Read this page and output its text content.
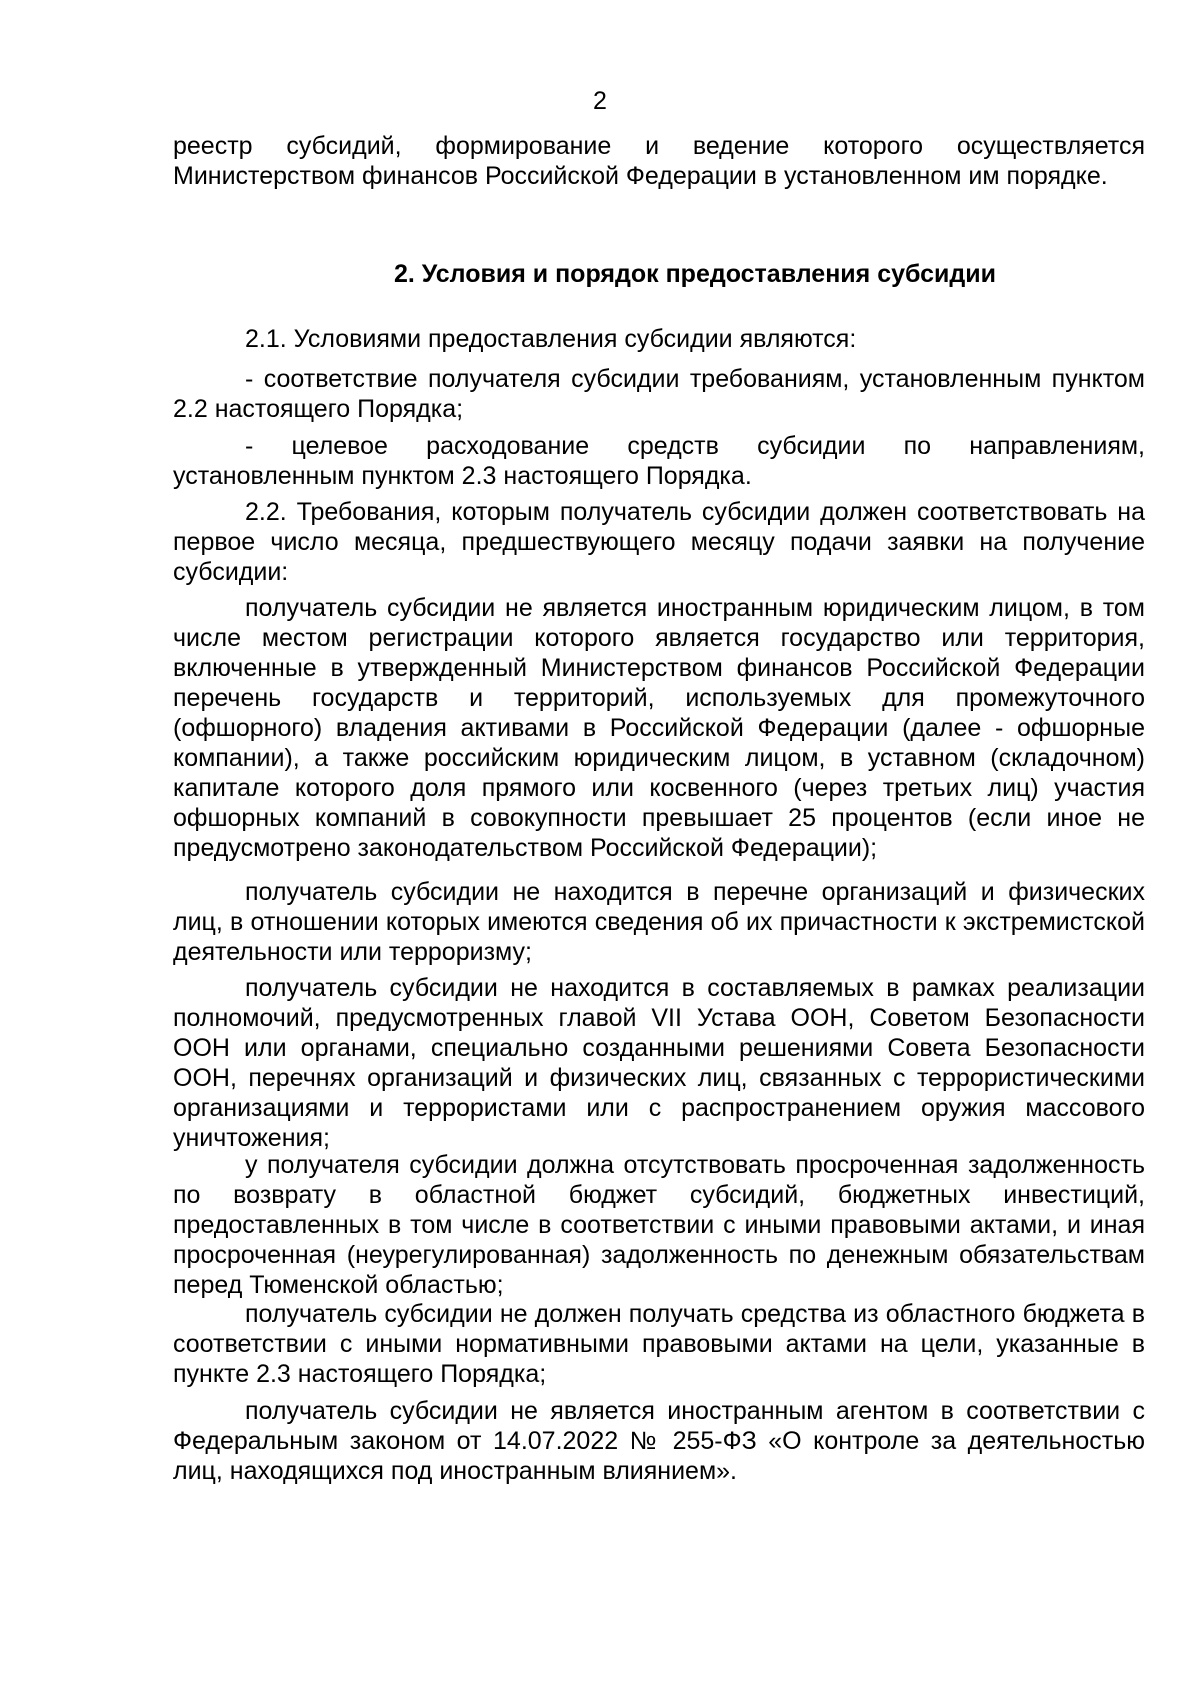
2

реестр субсидий, формирование и ведение которого осуществляется Министерством финансов Российской Федерации в установленном им порядке.

2. Условия и порядок предоставления субсидии

2.1. Условиями предоставления субсидии являются:

- соответствие получателя субсидии требованиям, установленным пунктом 2.2 настоящего Порядка;

- целевое расходование средств субсидии по направлениям, установленным пунктом 2.3 настоящего Порядка.

2.2. Требования, которым получатель субсидии должен соответствовать на первое число месяца, предшествующего месяцу подачи заявки на получение субсидии:

получатель субсидии не является иностранным юридическим лицом, в том числе местом регистрации которого является государство или территория, включенные в утвержденный Министерством финансов Российской Федерации перечень государств и территорий, используемых для промежуточного (офшорного) владения активами в Российской Федерации (далее - офшорные компании), а также российским юридическим лицом, в уставном (складочном) капитале которого доля прямого или косвенного (через третьих лиц) участия офшорных компаний в совокупности превышает 25 процентов (если иное не предусмотрено законодательством Российской Федерации);

получатель субсидии не находится в перечне организаций и физических лиц, в отношении которых имеются сведения об их причастности к экстремистской деятельности или терроризму;

получатель субсидии не находится в составляемых в рамках реализации полномочий, предусмотренных главой VII Устава ООН, Советом Безопасности ООН или органами, специально созданными решениями Совета Безопасности ООН, перечнях организаций и физических лиц, связанных с террористическими организациями и террористами или с распространением оружия массового уничтожения;

у получателя субсидии должна отсутствовать просроченная задолженность по возврату в областной бюджет субсидий, бюджетных инвестиций, предоставленных в том числе в соответствии с иными правовыми актами, и иная просроченная (неурегулированная) задолженность по денежным обязательствам перед Тюменской областью;

получатель субсидии не должен получать средства из областного бюджета в соответствии с иными нормативными правовыми актами на цели, указанные в пункте 2.3 настоящего Порядка;

получатель субсидии не является иностранным агентом в соответствии с Федеральным законом от 14.07.2022 № 255-ФЗ «О контроле за деятельностью лиц, находящихся под иностранным влиянием».
